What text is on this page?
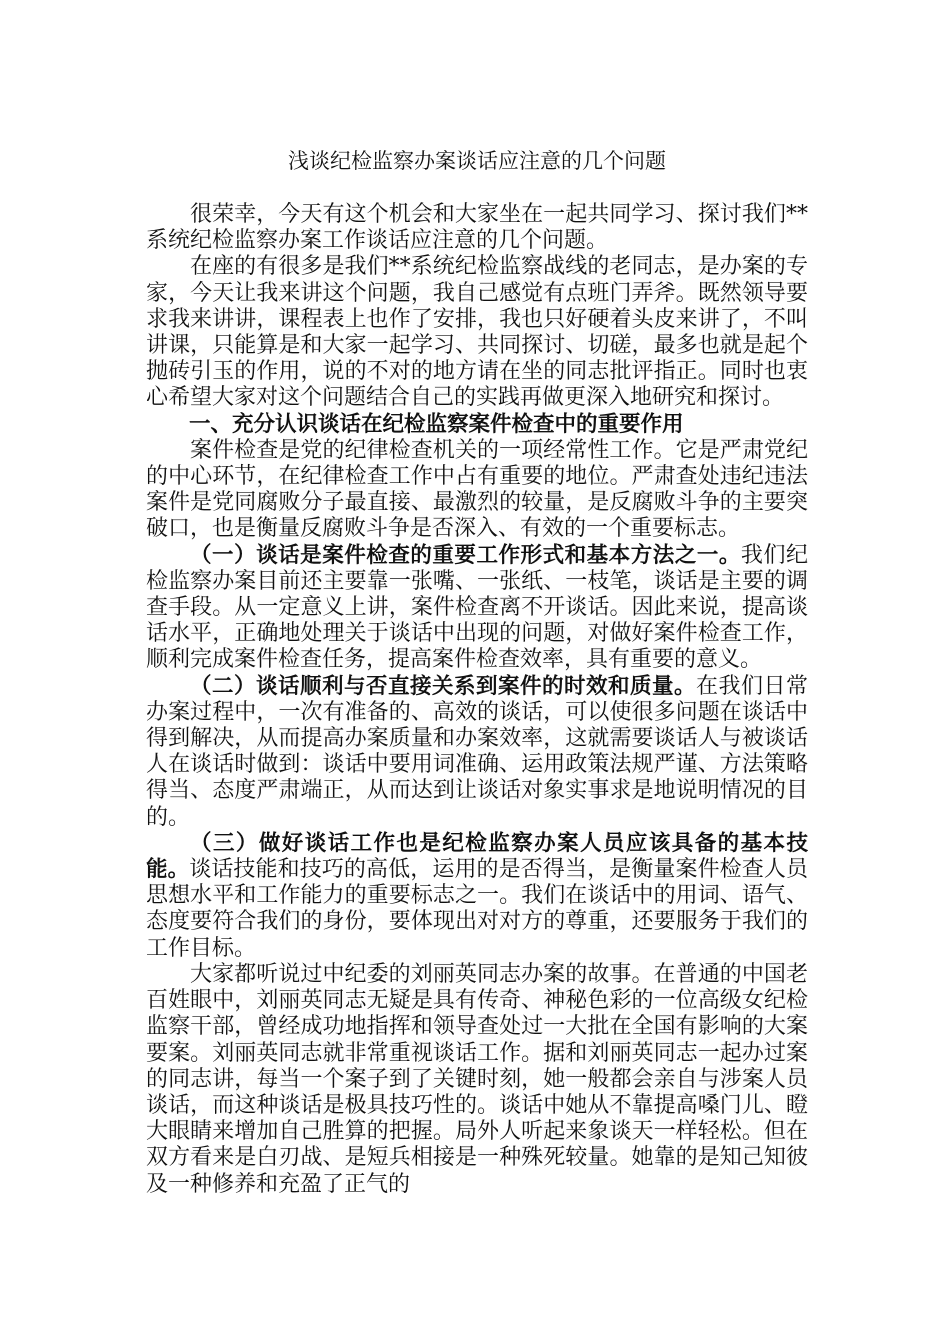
浅谈纪检监察办案谈话应注意的几个问题

很荣幸，今天有这个机会和大家坐在一起共同学习、探讨我们**系统纪检监察办案工作谈话应注意的几个问题。

在座的有很多是我们**系统纪检监察战线的老同志，是办案的专家，今天让我来讲这个问题，我自己感觉有点班门弄斧。既然领导要求我来讲讲，课程表上也作了安排，我也只好硬着头皮来讲了，不叫讲课，只能算是和大家一起学习、共同探讨、切磋，最多也就是起个抛砖引玉的作用，说的不对的地方请在坐的同志批评指正。同时也衷心希望大家对这个问题结合自己的实践再做更深入地研究和探讨。

一、充分认识谈话在纪检监察案件检查中的重要作用

案件检查是党的纪律检查机关的一项经常性工作。它是严肃党纪的中心环节，在纪律检查工作中占有重要的地位。严肃查处违纪违法案件是党同腐败分子最直接、最激烈的较量，是反腐败斗争的主要突破口，也是衡量反腐败斗争是否深入、有效的一个重要标志。

（一）谈话是案件检查的重要工作形式和基本方法之一。我们纪检监察办案目前还主要靠一张嘴、一张纸、一枝笔，谈话是主要的调查手段。从一定意义上讲，案件检查离不开谈话。因此来说，提高谈话水平，正确地处理关于谈话中出现的问题，对做好案件检查工作，顺利完成案件检查任务，提高案件检查效率，具有重要的意义。

（二）谈话顺利与否直接关系到案件的时效和质量。在我们日常办案过程中，一次有准备的、高效的谈话，可以使很多问题在谈话中得到解决，从而提高办案质量和办案效率，这就需要谈话人与被谈话人在谈话时做到：谈话中要用词准确、运用政策法规严谨、方法策略得当、态度严肃端正，从而达到让谈话对象实事求是地说明情况的目的。

（三）做好谈话工作也是纪检监察办案人员应该具备的基本技能。谈话技能和技巧的高低，运用的是否得当，是衡量案件检查人员思想水平和工作能力的重要标志之一。我们在谈话中的用词、语气、态度要符合我们的身份，要体现出对对方的尊重，还要服务于我们的工作目标。

大家都听说过中纪委的刘丽英同志办案的故事。在普通的中国老百姓眼中，刘丽英同志无疑是具有传奇、神秘色彩的一位高级女纪检监察干部，曾经成功地指挥和领导查处过一大批在全国有影响的大案要案。刘丽英同志就非常重视谈话工作。据和刘丽英同志一起办过案的同志讲，每当一个案子到了关键时刻，她一般都会亲自与涉案人员谈话，而这种谈话是极具技巧性的。谈话中她从不靠提高嗓门儿、瞪大眼睛来增加自己胜算的把握。局外人听起来象谈天一样轻松。但在双方看来是白刃战、是短兵相接是一种殊死较量。她靠的是知己知彼及一种修养和充盈了正气的
